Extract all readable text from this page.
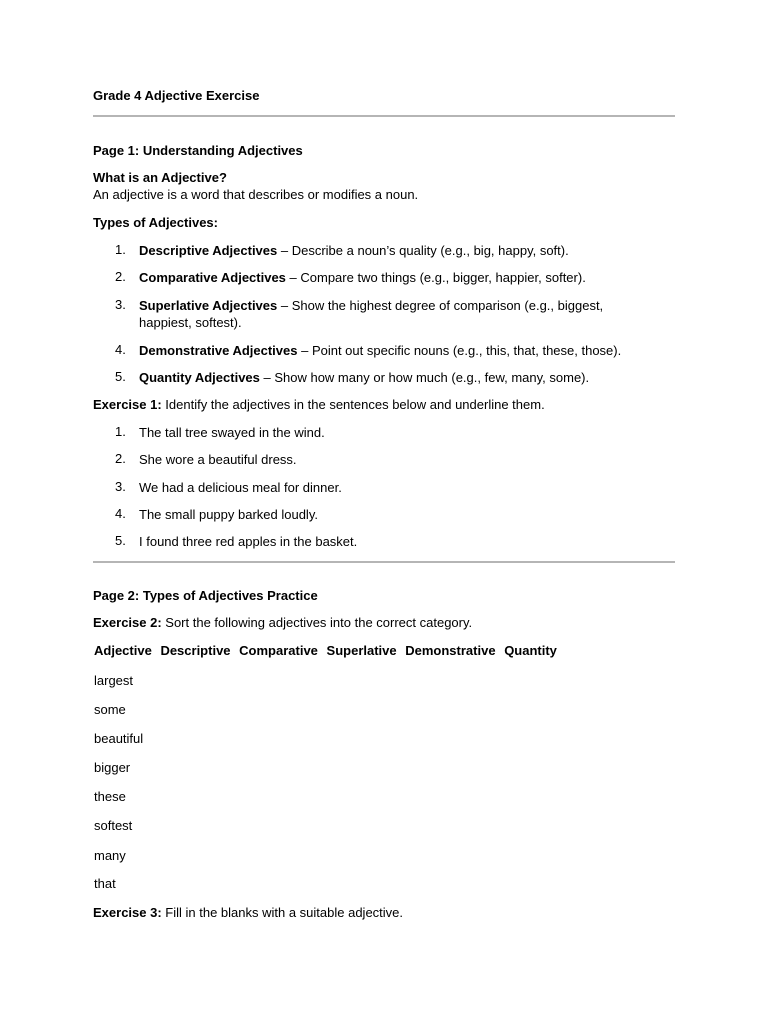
Grade 4 Adjective Exercise
Page 1: Understanding Adjectives
What is an Adjective?
An adjective is a word that describes or modifies a noun.
Types of Adjectives:
1. Descriptive Adjectives – Describe a noun’s quality (e.g., big, happy, soft).
2. Comparative Adjectives – Compare two things (e.g., bigger, happier, softer).
3. Superlative Adjectives – Show the highest degree of comparison (e.g., biggest, happiest, softest).
4. Demonstrative Adjectives – Point out specific nouns (e.g., this, that, these, those).
5. Quantity Adjectives – Show how many or how much (e.g., few, many, some).
Exercise 1: Identify the adjectives in the sentences below and underline them.
1. The tall tree swayed in the wind.
2. She wore a beautiful dress.
3. We had a delicious meal for dinner.
4. The small puppy barked loudly.
5. I found three red apples in the basket.
Page 2: Types of Adjectives Practice
Exercise 2: Sort the following adjectives into the correct category.
Adjective Descriptive Comparative Superlative Demonstrative Quantity
largest
some
beautiful
bigger
these
softest
many
that
Exercise 3: Fill in the blanks with a suitable adjective.
